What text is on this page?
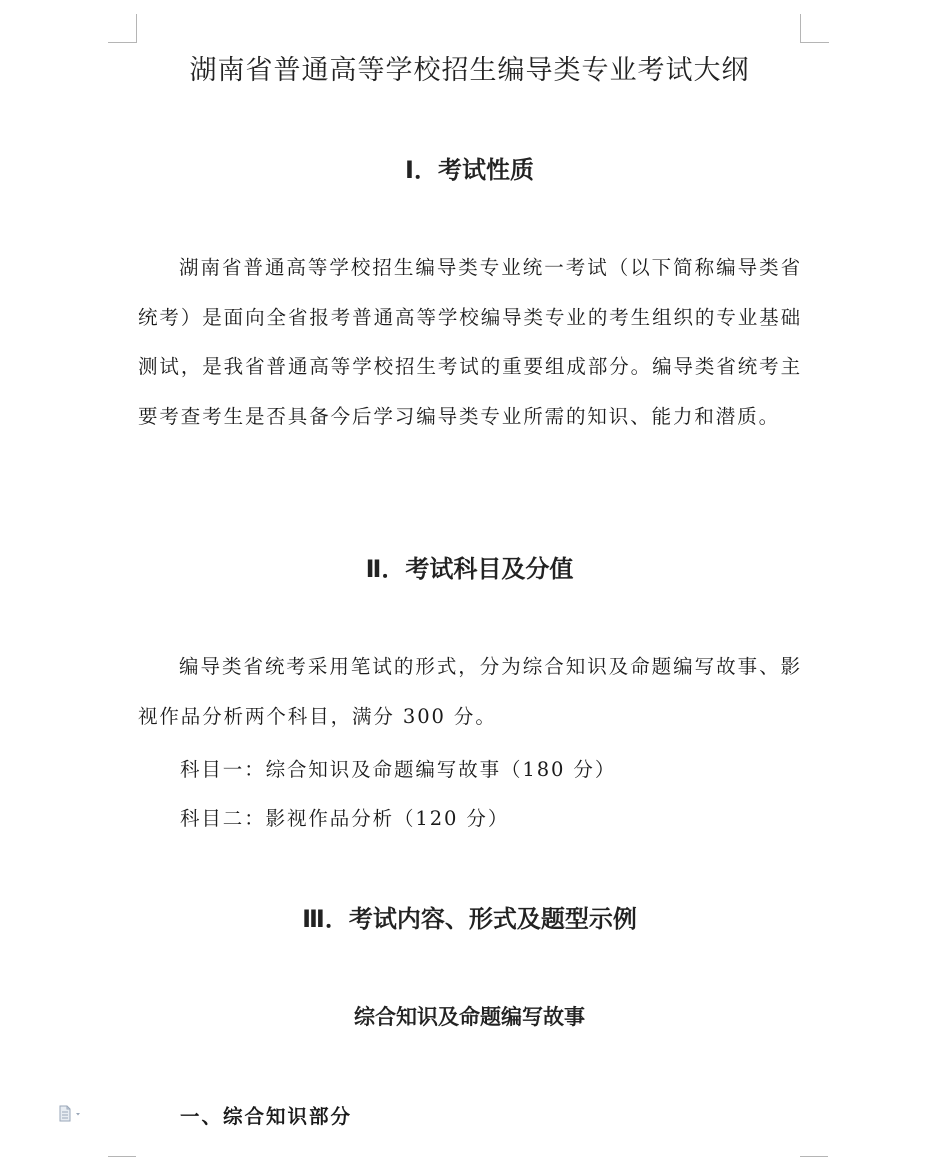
湖南省普通高等学校招生编导类专业考试大纲
Ⅰ．考试性质

湖南省普通高等学校招生编导类专业统一考试（以下简称编导类省统考）是面向全省报考普通高等学校编导类专业的考生组织的专业基础测试，是我省普通高等学校招生考试的重要组成部分。编导类省统考主要考查考生是否具备今后学习编导类专业所需的知识、能力和潜质。

Ⅱ．考试科目及分值

编导类省统考采用笔试的形式，分为综合知识及命题编写故事、影视作品分析两个科目，满分 300 分。

科目一：综合知识及命题编写故事（180 分）
科目二：影视作品分析（120 分）
Ⅲ．考试内容、形式及题型示例
综合知识及命题编写故事
一、综合知识部分
